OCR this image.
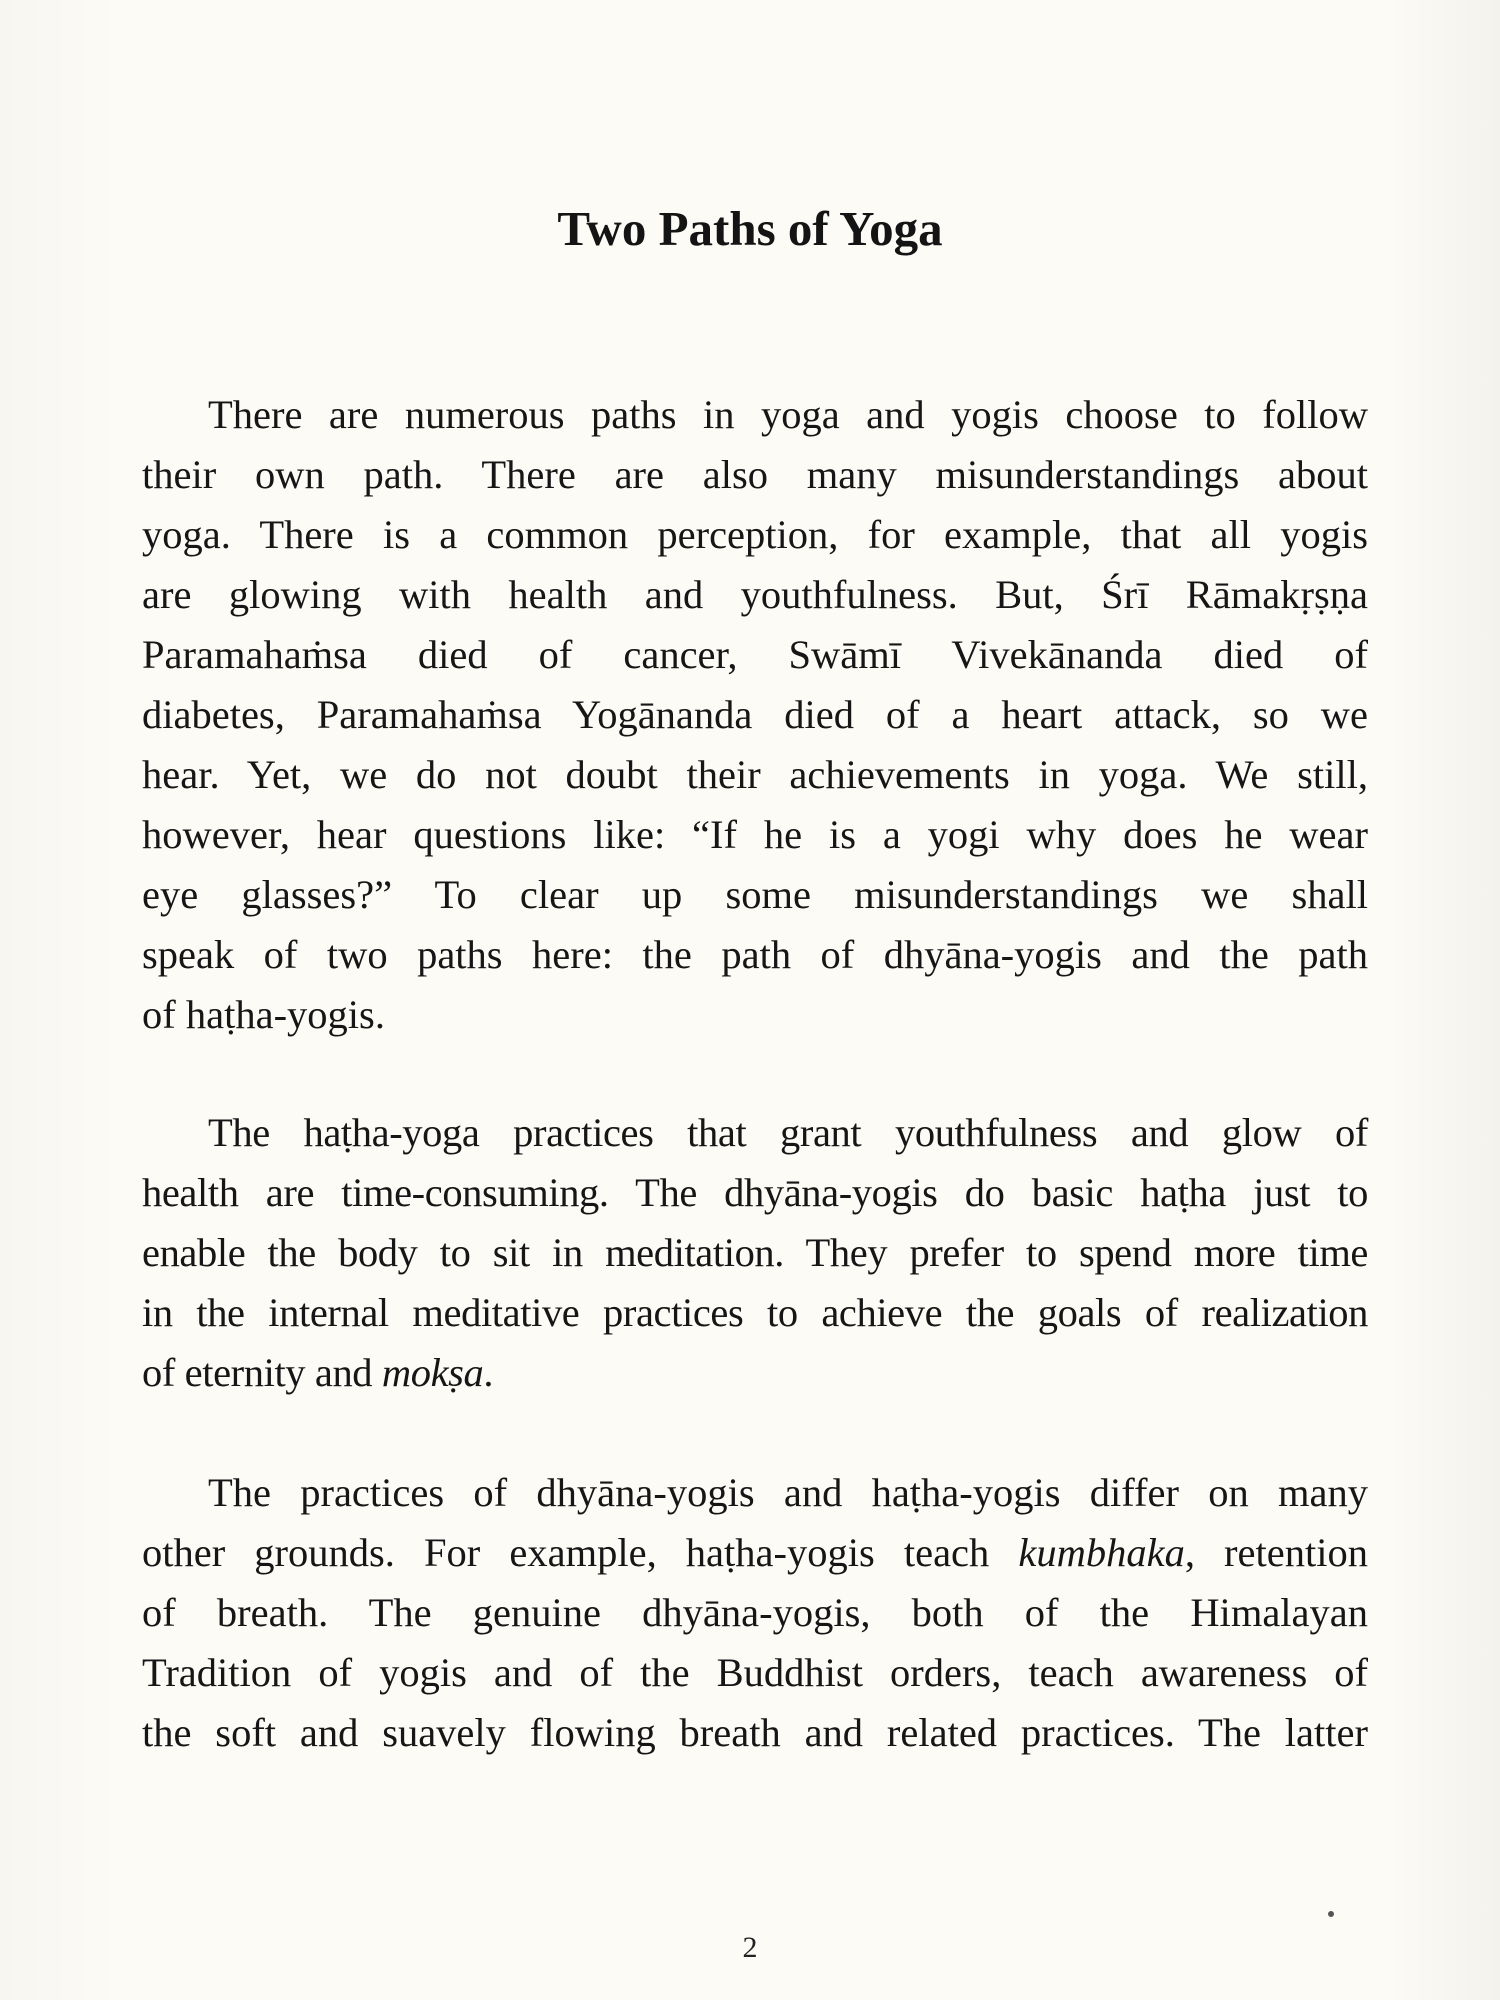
Two Paths of Yoga
There are numerous paths in yoga and yogis choose to follow
their own path. There are also many misunderstandings about
yoga. There is a common perception, for example, that all yogis
are glowing with health and youthfulness. But, Śrī Rāmakṛṣṇa
Paramahaṁsa died of cancer, Swāmī Vivekānanda died of
diabetes, Paramahaṁsa Yogānanda died of a heart attack, so we
hear. Yet, we do not doubt their achievements in yoga. We still,
however, hear questions like: “If he is a yogi why does he wear
eye glasses?” To clear up some misunderstandings we shall
speak of two paths here: the path of dhyāna-yogis and the path
of haṭha-yogis.
The haṭha-yoga practices that grant youthfulness and glow of
health are time-consuming. The dhyāna-yogis do basic haṭha just to
enable the body to sit in meditation. They prefer to spend more time
in the internal meditative practices to achieve the goals of realization
of eternity and mokṣa.
The practices of dhyāna-yogis and haṭha-yogis differ on many
other grounds. For example, haṭha-yogis teach kumbhaka, retention
of breath. The genuine dhyāna-yogis, both of the Himalayan
Tradition of yogis and of the Buddhist orders, teach awareness of
the soft and suavely flowing breath and related practices. The latter
2
